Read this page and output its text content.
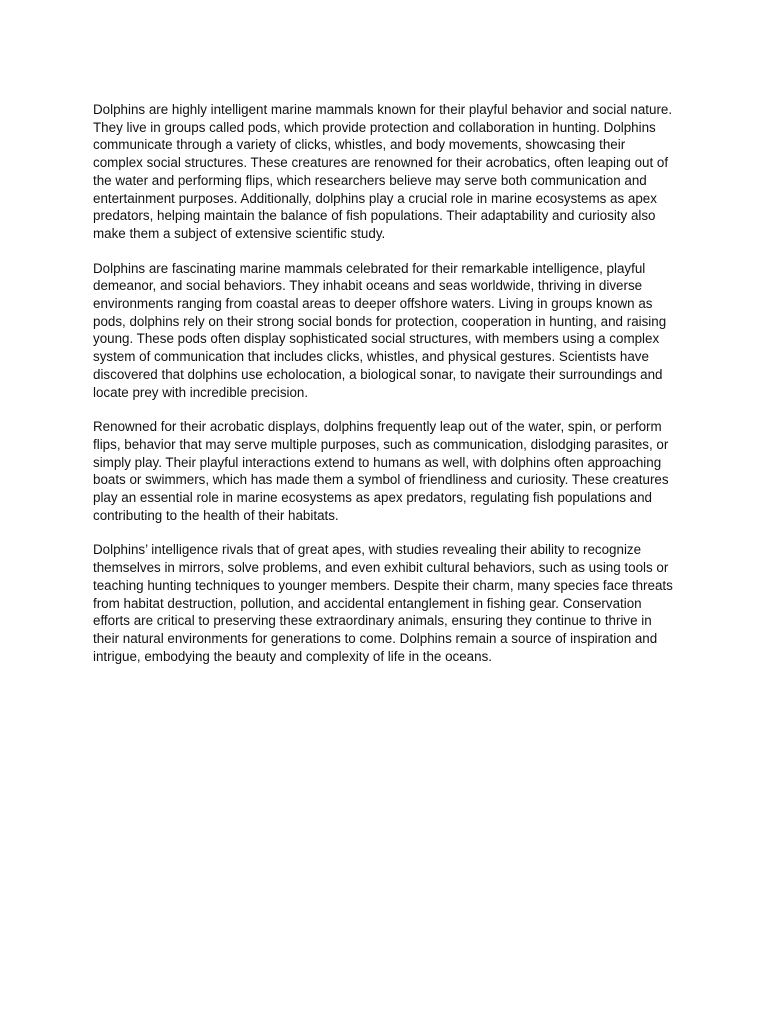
Dolphins are highly intelligent marine mammals known for their playful behavior and social nature. They live in groups called pods, which provide protection and collaboration in hunting. Dolphins communicate through a variety of clicks, whistles, and body movements, showcasing their complex social structures. These creatures are renowned for their acrobatics, often leaping out of the water and performing flips, which researchers believe may serve both communication and entertainment purposes. Additionally, dolphins play a crucial role in marine ecosystems as apex predators, helping maintain the balance of fish populations. Their adaptability and curiosity also make them a subject of extensive scientific study.

Dolphins are fascinating marine mammals celebrated for their remarkable intelligence, playful demeanor, and social behaviors. They inhabit oceans and seas worldwide, thriving in diverse environments ranging from coastal areas to deeper offshore waters. Living in groups known as pods, dolphins rely on their strong social bonds for protection, cooperation in hunting, and raising young. These pods often display sophisticated social structures, with members using a complex system of communication that includes clicks, whistles, and physical gestures. Scientists have discovered that dolphins use echolocation, a biological sonar, to navigate their surroundings and locate prey with incredible precision.

Renowned for their acrobatic displays, dolphins frequently leap out of the water, spin, or perform flips, behavior that may serve multiple purposes, such as communication, dislodging parasites, or simply play. Their playful interactions extend to humans as well, with dolphins often approaching boats or swimmers, which has made them a symbol of friendliness and curiosity. These creatures play an essential role in marine ecosystems as apex predators, regulating fish populations and contributing to the health of their habitats.

Dolphins’ intelligence rivals that of great apes, with studies revealing their ability to recognize themselves in mirrors, solve problems, and even exhibit cultural behaviors, such as using tools or teaching hunting techniques to younger members. Despite their charm, many species face threats from habitat destruction, pollution, and accidental entanglement in fishing gear. Conservation efforts are critical to preserving these extraordinary animals, ensuring they continue to thrive in their natural environments for generations to come. Dolphins remain a source of inspiration and intrigue, embodying the beauty and complexity of life in the oceans.
